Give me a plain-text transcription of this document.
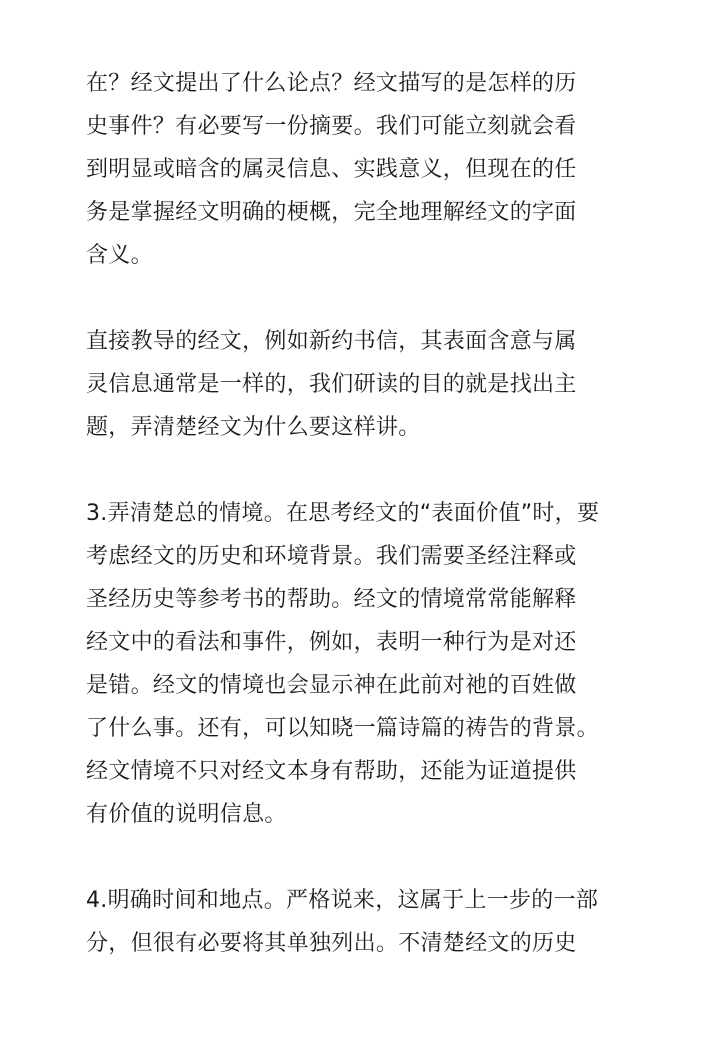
在？经文提出了什么论点？经文描写的是怎样的历
史事件？有必要写一份摘要。我们可能立刻就会看
到明显或暗含的属灵信息、实践意义，但现在的任
务是掌握经文明确的梗概，完全地理解经文的字面
含义。
直接教导的经文，例如新约书信，其表面含意与属
灵信息通常是一样的，我们研读的目的就是找出主
题，弄清楚经文为什么要这样讲。
3.弄清楚总的情境。在思考经文的“表面价值”时，要
考虑经文的历史和环境背景。我们需要圣经注释或
圣经历史等参考书的帮助。经文的情境常常能解释
经文中的看法和事件，例如，表明一种行为是对还
是错。经文的情境也会显示神在此前对祂的百姓做
了什么事。还有，可以知晓一篇诗篇的祷告的背景。
经文情境不只对经文本身有帮助，还能为证道提供
有价值的说明信息。
4.明确时间和地点。严格说来，这属于上一步的一部
分，但很有必要将其单独列出。不清楚经文的历史
